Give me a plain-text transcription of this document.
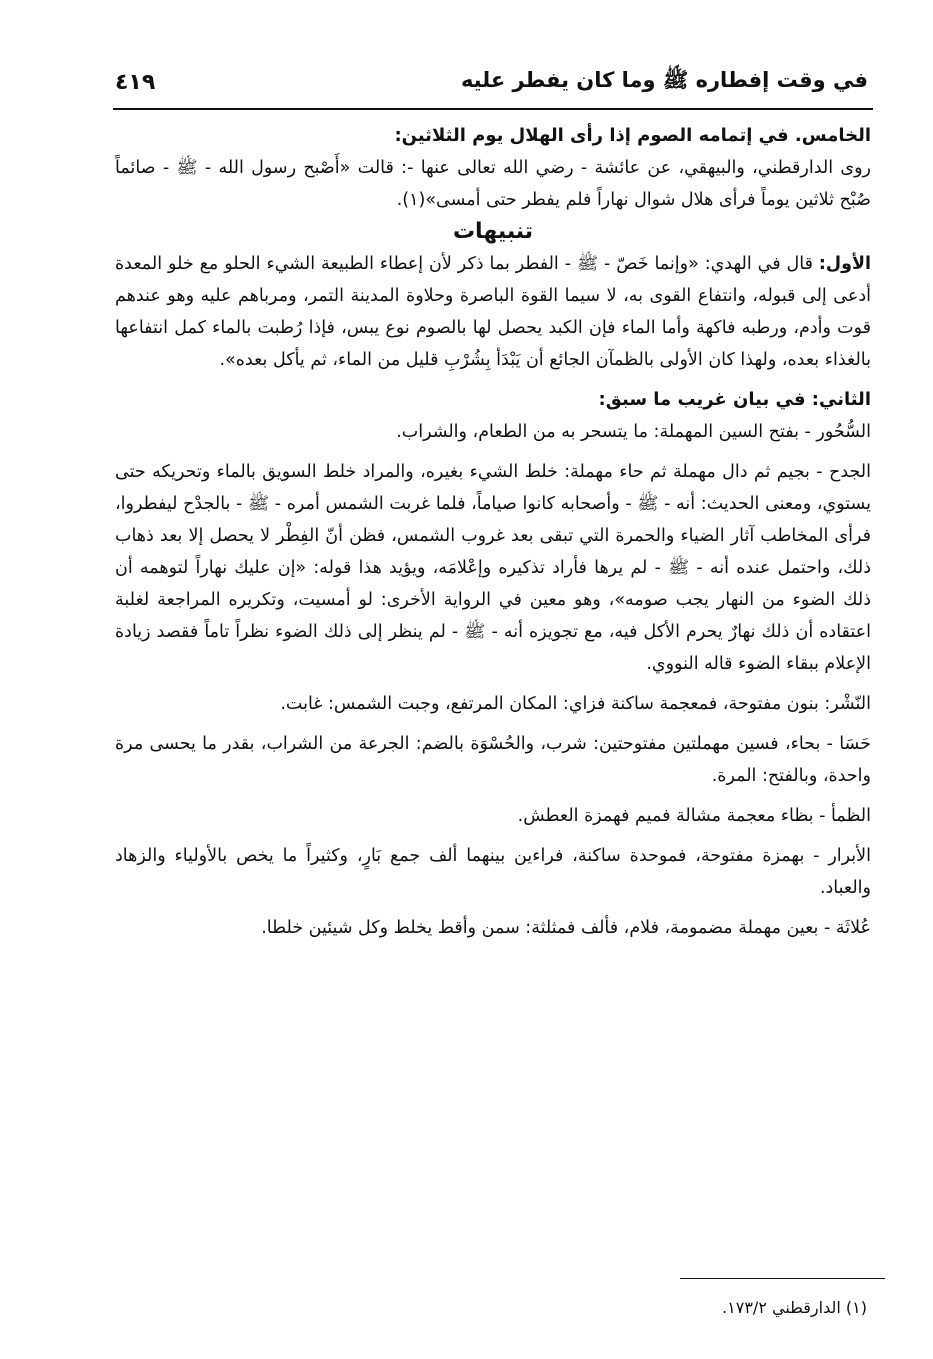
في وقت إفطاره ﷺ وما كان يفطر عليه
٤١٩

الخامس. في إتمامه الصوم إذا رأى الهلال يوم الثلاثين:

روى الدارقطني، والبيهقي، عن عائشة - رضي الله تعالى عنها -: قالت «أَصْبح رسول الله - ﷺ - صائماً صُبْح ثلاثين يوماً فرأى هلال شوال نهاراً فلم يفطر حتى أمسى»(١).

تنبيهات

الأول: قال في الهدي: «وإنما خَصّ - ﷺ - الفطر بما ذكر لأن إعطاء الطبيعة الشيء الحلو مع خلو المعدة أدعى إلى قبوله، وانتفاع القوى به، لا سيما القوة الباصرة وحلاوة المدينة التمر، ومرباهم عليه وهو عندهم قوت وأدم، ورطبه فاكهة وأما الماء فإن الكبد يحصل لها بالصوم نوع يبس، فإذا رُطبت بالماء كمل انتفاعها بالغذاء بعده، ولهذا كان الأولى بالظمآن الجائع أن يَبْدَأ بِشُرْبِ قليل من الماء، ثم يأكل بعده».

الثاني: في بيان غريب ما سبق:

السُّحُور - بفتح السين المهملة: ما يتسحر به من الطعام، والشراب.

الجدح - بجيم ثم دال مهملة ثم حاء مهملة: خلط الشيء بغيره، والمراد خلط السويق بالماء وتحريكه حتى يستوي، ومعنى الحديث: أنه - ﷺ - وأصحابه كانوا صياماً، فلما غربت الشمس أمره - ﷺ - بالجدْح ليفطروا، فرأى المخاطب آثار الضياء والحمرة التي تبقى بعد غروب الشمس، فظن أنّ الفِطْر لا يحصل إلا بعد ذهاب ذلك، واحتمل عنده أنه - ﷺ - لم يرها فأراد تذكيره وإعْلامَه، ويؤيد هذا قوله: «إن عليك نهاراً لتوهمه أن ذلك الضوء من النهار يجب صومه»، وهو معين في الرواية الأخرى: لو أمسيت، وتكريره المراجعة لغلبة اعتقاده أن ذلك نهارٌ يحرم الأكل فيه، مع تجويزه أنه - ﷺ - لم ينظر إلى ذلك الضوء نظراً تاماً فقصد زيادة الإعلام ببقاء الضوء قاله النووي.

النّشْر: بنون مفتوحة، فمعجمة ساكنة فزاي: المكان المرتفع، وجبت الشمس: غابت.

حَسَا - بحاء، فسين مهملتين مفتوحتين: شرب، والحُسْوَة بالضم: الجرعة من الشراب، بقدر ما يحسى مرة واحدة، وبالفتح: المرة.

الظمأ - بظاء معجمة مشالة فميم فهمزة العطش.

الأبرار - بهمزة مفتوحة، فموحدة ساكنة، فراءين بينهما ألف جمع بَارٍ، وكثيراً ما يخص بالأولياء والزهاد والعباد.

عُلاثَة - بعين مهملة مضمومة، فلام، فألف فمثلثة: سمن وأقط يخلط وكل شيئين خلطا.

(١) الدارقطني ١٧٣/٢.
